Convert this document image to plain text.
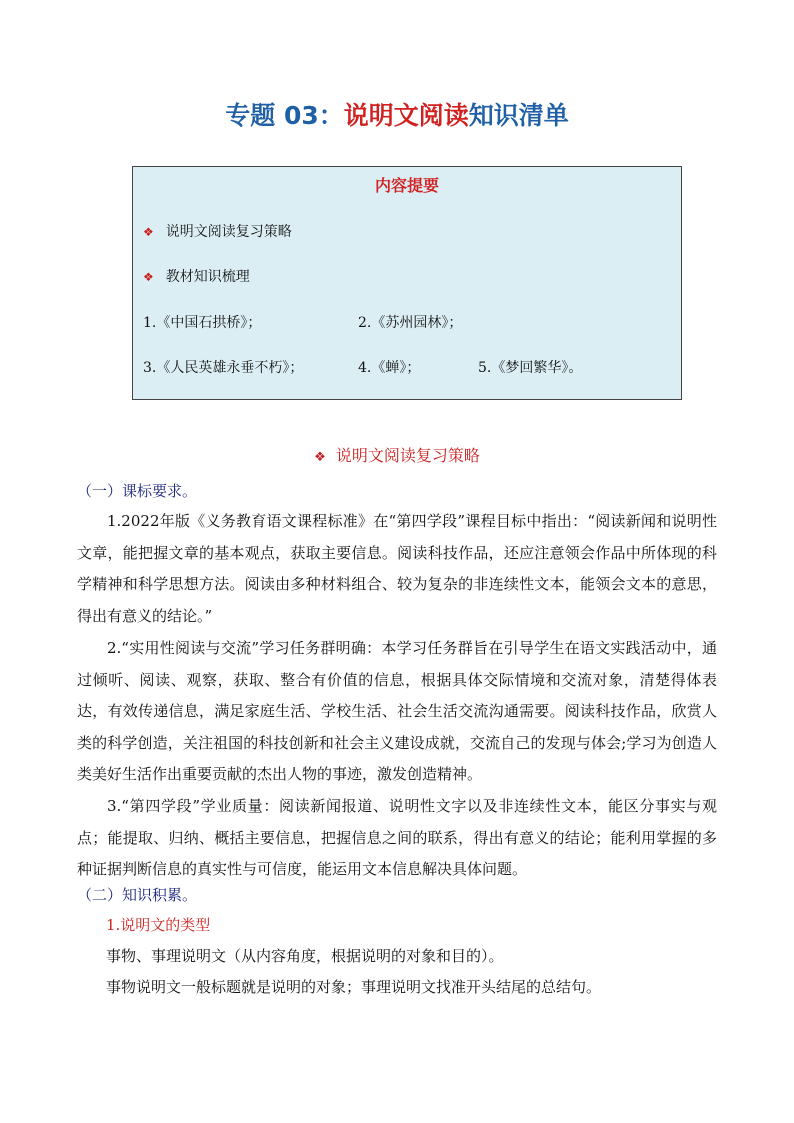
专题 03：说明文阅读知识清单
内容提要
❖ 说明文阅读复习策略
❖ 教材知识梳理
1.《中国石拱桥》；	2.《苏州园林》；
3.《人民英雄永垂不朽》；	4.《蝉》；	5.《梦回繁华》。
❖ 说明文阅读复习策略
（一）课标要求。
1.2022年版《义务教育语文课程标准》在“第四学段”课程目标中指出：“阅读新闻和说明性文章，能把握文章的基本观点，获取主要信息。阅读科技作品，还应注意领会作品中所体现的科学精神和科学思想方法。阅读由多种材料组合、较为复杂的非连续性文本，能领会文本的意思，得出有意义的结论。”
2.“实用性阅读与交流”学习任务群明确：本学习任务群旨在引导学生在语文实践活动中，通过倾听、阅读、观察，获取、整合有价值的信息，根据具体交际情境和交流对象，清楚得体表达，有效传递信息，满足家庭生活、学校生活、社会生活交流沟通需要。阅读科技作品，欣赏人类的科学创造，关注祖国的科技创新和社会主义建设成就，交流自己的发现与体会;学习为创造人类美好生活作出重要贡献的杰出人物的事迹，激发创造精神。
3.“第四学段”学业质量：阅读新闻报道、说明性文字以及非连续性文本，能区分事实与观点；能提取、归纳、概括主要信息，把握信息之间的联系，得出有意义的结论；能利用掌握的多种证据判断信息的真实性与可信度，能运用文本信息解决具体问题。
（二）知识积累。
1.说明文的类型
事物、事理说明文（从内容角度，根据说明的对象和目的）。
事物说明文一般标题就是说明的对象；事理说明文找准开头结尾的总结句。
